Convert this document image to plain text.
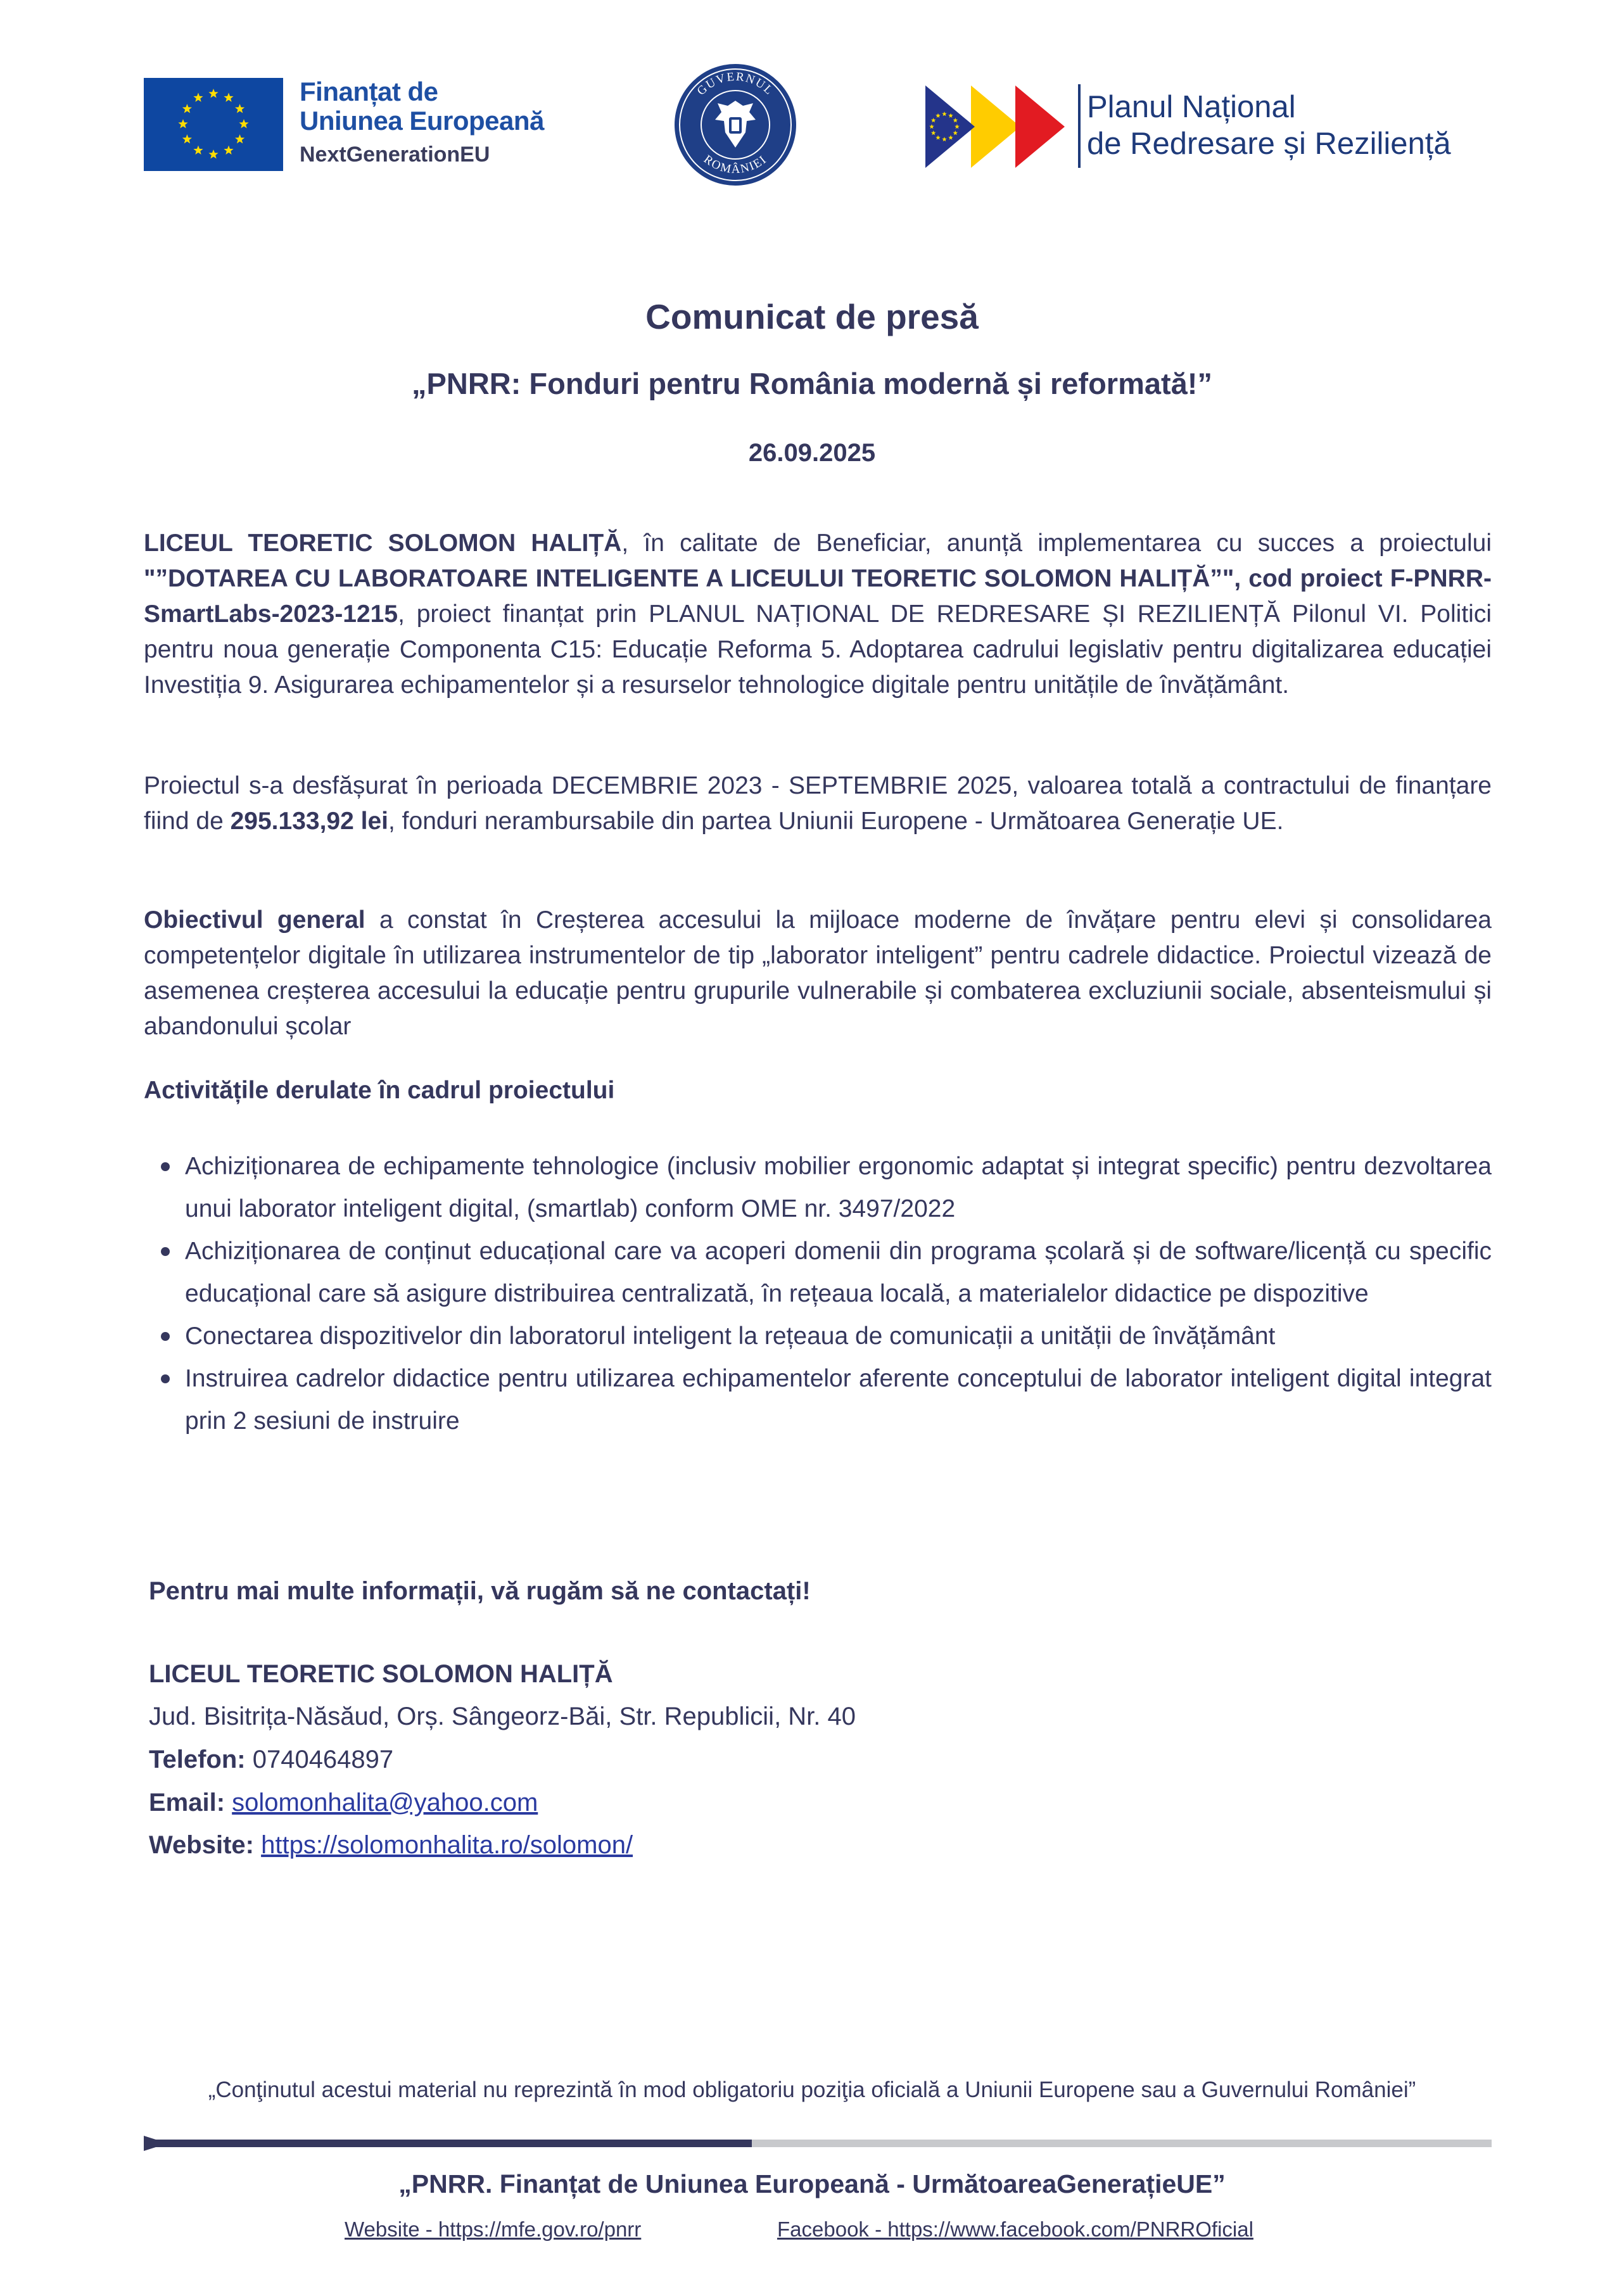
Finanțat de
Uniunea Europeană
NextGenerationEU
GUVERNUL
ROMÂNIEI
Planul Național
de Redresare și Reziliență
Comunicat de presă
„PNRR: Fonduri pentru România modernă și reformată!”
26.09.2025
LICEUL TEORETIC SOLOMON HALIȚĂ, în calitate de Beneficiar, anunță implementarea cu succes a proiectului "”DOTAREA CU LABORATOARE INTELIGENTE A LICEULUI TEORETIC SOLOMON HALIȚĂ”", cod proiect F-PNRR-SmartLabs-2023-1215, proiect finanțat prin PLANUL NAȚIONAL DE REDRESARE ȘI REZILIENȚĂ Pilonul VI. Politici pentru noua generație Componenta C15: Educație Reforma 5. Adoptarea cadrului legislativ pentru digitalizarea educației Investiția 9. Asigurarea echipamentelor și a resurselor tehnologice digitale pentru unitățile de învățământ.
Proiectul s-a desfășurat în perioada DECEMBRIE 2023 - SEPTEMBRIE 2025, valoarea totală a contractului de finanțare fiind de 295.133,92 lei, fonduri nerambursabile din partea Uniunii Europene - Următoarea Generație UE.
Obiectivul general a constat în Creșterea accesului la mijloace moderne de învățare pentru elevi și consolidarea competențelor digitale în utilizarea instrumentelor de tip „laborator inteligent” pentru cadrele didactice. Proiectul vizează de asemenea creșterea accesului la educație pentru grupurile vulnerabile și combaterea excluziunii sociale, absenteismului și abandonului școlar
Activitățile derulate în cadrul proiectului
Achiziționarea de echipamente tehnologice (inclusiv mobilier ergonomic adaptat și integrat specific) pentru dezvoltarea unui laborator inteligent digital, (smartlab) conform OME nr. 3497/2022
Achiziționarea de conținut educațional care va acoperi domenii din programa școlară și de software/licență cu specific educațional care să asigure distribuirea centralizată, în rețeaua locală, a materialelor didactice pe dispozitive
Conectarea dispozitivelor din laboratorul inteligent la rețeaua de comunicații a unității de învățământ
Instruirea cadrelor didactice pentru utilizarea echipamentelor aferente conceptului de laborator inteligent digital integrat prin 2 sesiuni de instruire
Pentru mai multe informații, vă rugăm să ne contactați!
LICEUL TEORETIC SOLOMON HALIȚĂ
Jud. Bisitrița-Năsăud, Orș. Sângeorz-Băi, Str. Republicii, Nr. 40
Telefon: 0740464897
Email: solomonhalita@yahoo.com
Website: https://solomonhalita.ro/solomon/
„Conţinutul acestui material nu reprezintă în mod obligatoriu poziţia oficială a Uniunii Europene sau a Guvernului României”
„PNRR. Finanțat de Uniunea Europeană - UrmătoareaGenerațieUE”
Website - https://mfe.gov.ro/pnrr	Facebook - https://www.facebook.com/PNRROficial
